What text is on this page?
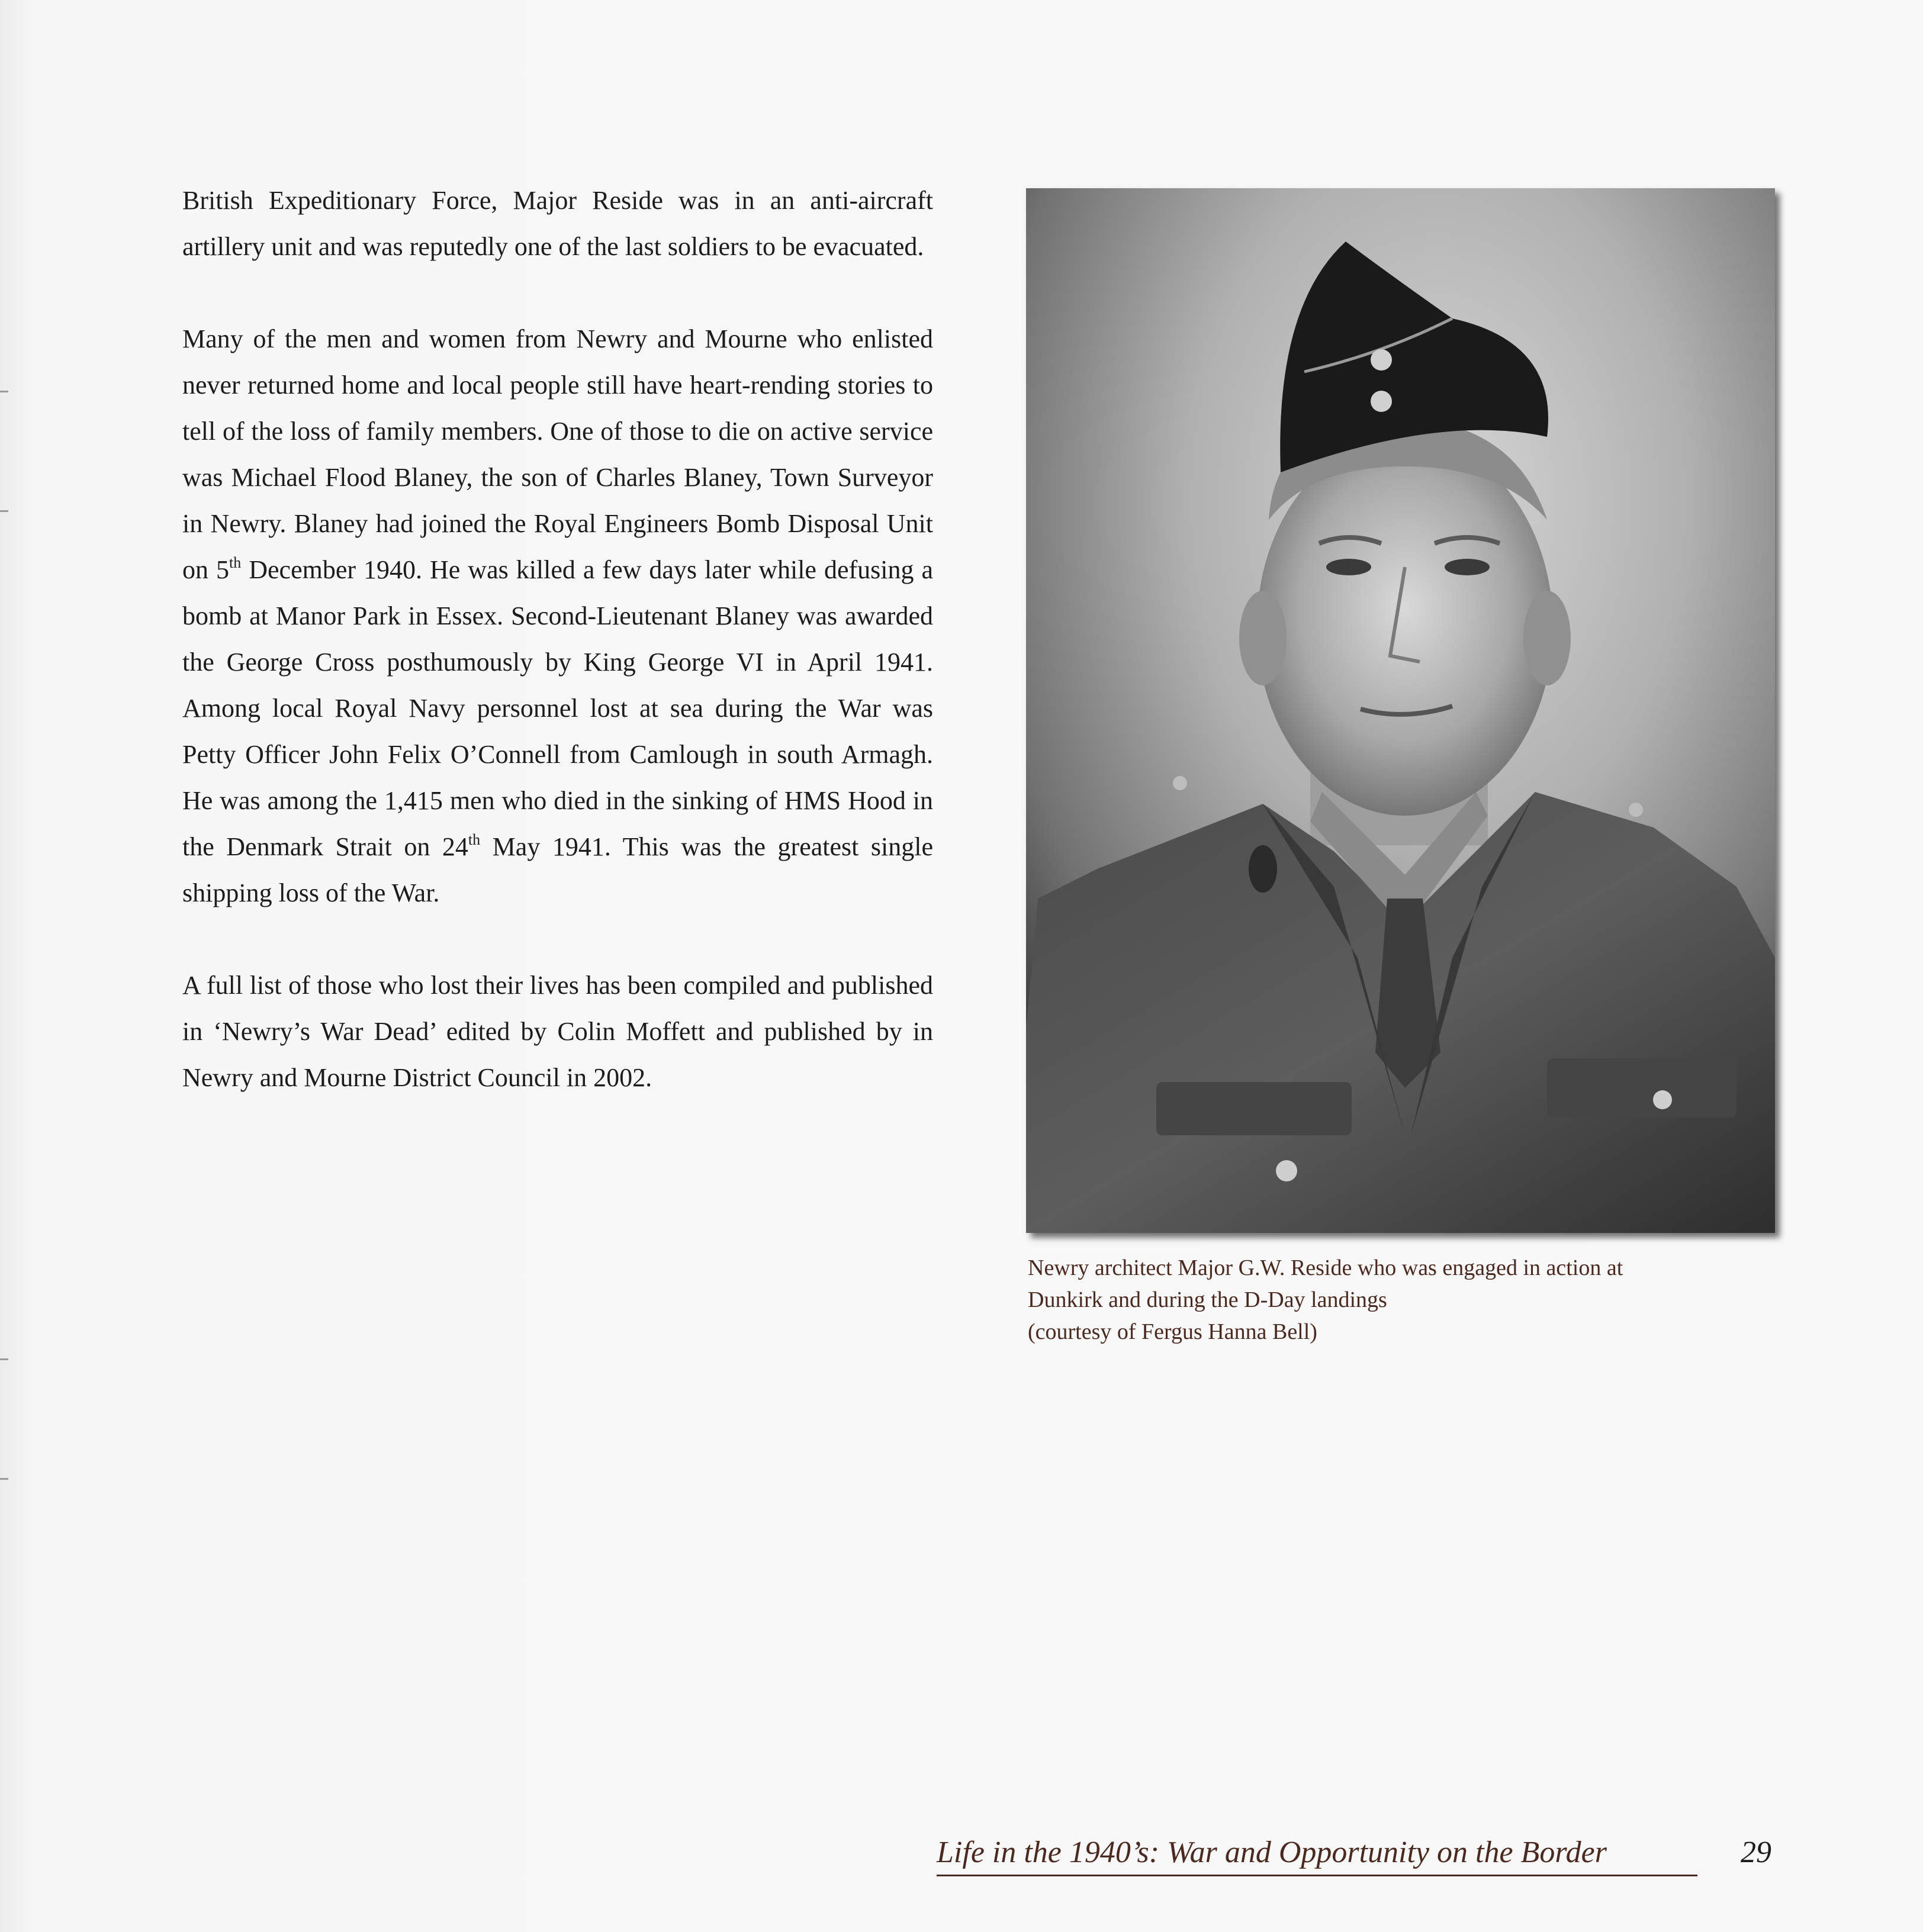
British Expeditionary Force, Major Reside was in an anti-aircraft artillery unit and was reputedly one of the last soldiers to be evacuated.

Many of the men and women from Newry and Mourne who enlisted never returned home and local people still have heart-rending stories to tell of the loss of family members. One of those to die on active service was Michael Flood Blaney, the son of Charles Blaney, Town Surveyor in Newry. Blaney had joined the Royal Engineers Bomb Disposal Unit on 5th December 1940. He was killed a few days later while defusing a bomb at Manor Park in Essex. Second-Lieutenant Blaney was awarded the George Cross posthumously by King George VI in April 1941. Among local Royal Navy personnel lost at sea during the War was Petty Officer John Felix O’Connell from Camlough in south Armagh. He was among the 1,415 men who died in the sinking of HMS Hood in the Denmark Strait on 24th May 1941. This was the greatest single shipping loss of the War.

A full list of those who lost their lives has been compiled and published in ‘Newry’s War Dead’ edited by Colin Moffett and published by in Newry and Mourne District Council in 2002.

Newry architect Major G.W. Reside who was engaged in action at
Dunkirk and during the D-Day landings
(courtesy of Fergus Hanna Bell)
Life in the 1940’s: War and Opportunity on the Border	29
